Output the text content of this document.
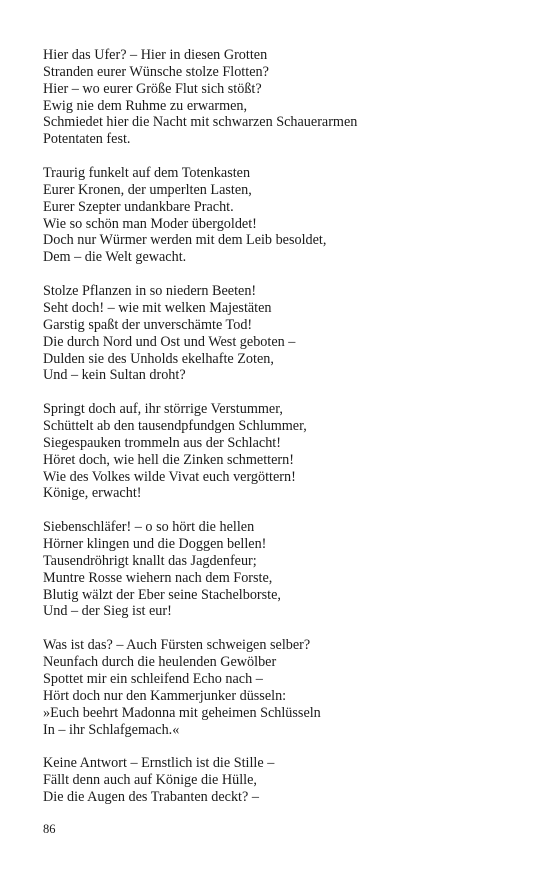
Hier das Ufer? – Hier in diesen Grotten
Stranden eurer Wünsche stolze Flotten?
Hier – wo eurer Größe Flut sich stößt?
Ewig nie dem Ruhme zu erwarmen,
Schmiedet hier die Nacht mit schwarzen Schauerarmen
Potentaten fest.
Traurig funkelt auf dem Totenkasten
Eurer Kronen, der umperlten Lasten,
Eurer Szepter undankbare Pracht.
Wie so schön man Moder übergoldet!
Doch nur Würmer werden mit dem Leib besoldet,
Dem – die Welt gewacht.
Stolze Pflanzen in so niedern Beeten!
Seht doch! – wie mit welken Majestäten
Garstig spaßt der unverschämte Tod!
Die durch Nord und Ost und West geboten –
Dulden sie des Unholds ekelhafte Zoten,
Und – kein Sultan droht?
Springt doch auf, ihr störrige Verstummer,
Schüttelt ab den tausendpfundgen Schlummer,
Siegespauken trommeln aus der Schlacht!
Höret doch, wie hell die Zinken schmettern!
Wie des Volkes wilde Vivat euch vergöttern!
Könige, erwacht!
Siebenschläfer! – o so hört die hellen
Hörner klingen und die Doggen bellen!
Tausendröhrigt knallt das Jagdenfeur;
Muntre Rosse wiehern nach dem Forste,
Blutig wälzt der Eber seine Stachelborste,
Und – der Sieg ist eur!
Was ist das? – Auch Fürsten schweigen selber?
Neunfach durch die heulenden Gewölber
Spottet mir ein schleifend Echo nach –
Hört doch nur den Kammerjunker düsseln:
»Euch beehrt Madonna mit geheimen Schlüsseln
In – ihr Schlafgemach.«
Keine Antwort – Ernstlich ist die Stille –
Fällt denn auch auf Könige die Hülle,
Die die Augen des Trabanten deckt? –
86
